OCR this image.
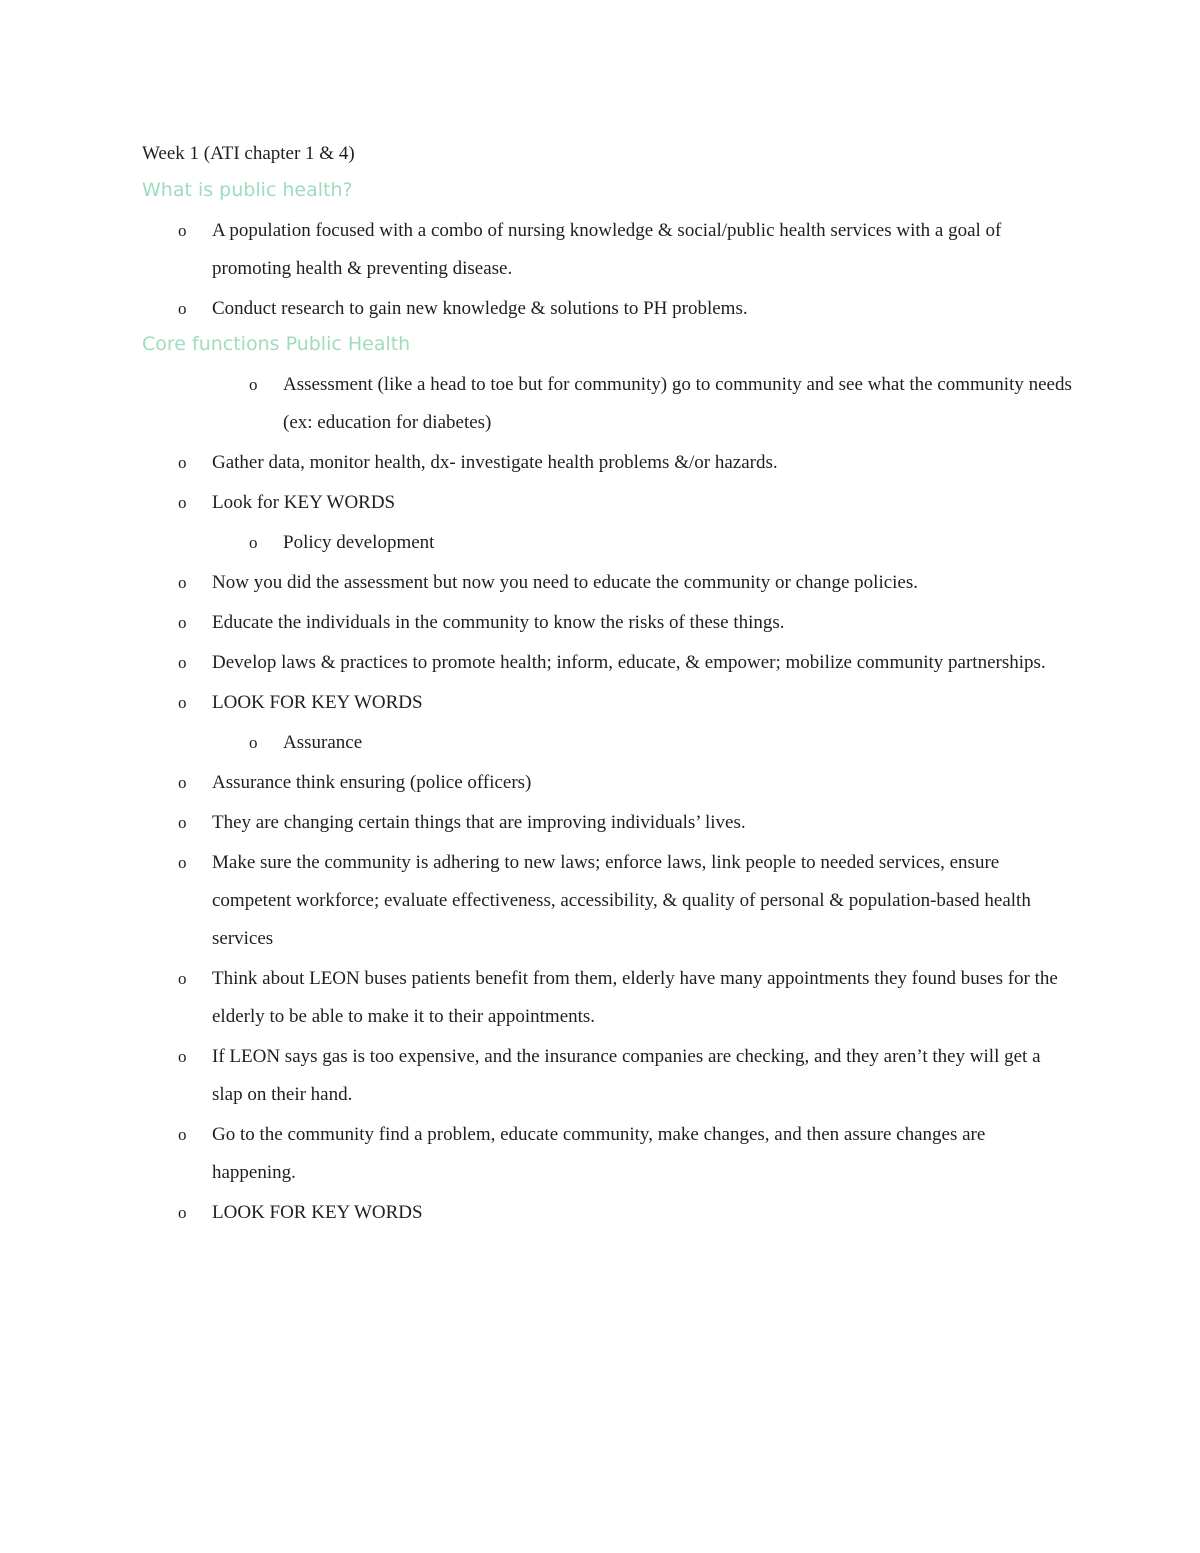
Week 1 (ATI chapter 1 & 4)

What is public health?
o A population focused with a combo of nursing knowledge & social/public health services with a goal of promoting health & preventing disease.
o Conduct research to gain new knowledge & solutions to PH problems.
Core functions Public Health
o Assessment (like a head to toe but for community) go to community and see what the community needs (ex: education for diabetes)
o Gather data, monitor health, dx- investigate health problems &/or hazards.
o Look for KEY WORDS
o Policy development
o Now you did the assessment but now you need to educate the community or change policies.
o Educate the individuals in the community to know the risks of these things.
o Develop laws & practices to promote health; inform, educate, & empower; mobilize community partnerships.
o LOOK FOR KEY WORDS
o Assurance
o Assurance think ensuring (police officers)
o They are changing certain things that are improving individuals’ lives.
o Make sure the community is adhering to new laws; enforce laws, link people to needed services, ensure competent workforce; evaluate effectiveness, accessibility, & quality of personal & population-based health services
o Think about LEON buses patients benefit from them, elderly have many appointments they found buses for the elderly to be able to make it to their appointments.
o If LEON says gas is too expensive, and the insurance companies are checking, and they aren’t they will get a slap on their hand.
o Go to the community find a problem, educate community, make changes, and then assure changes are happening.
o LOOK FOR KEY WORDS
